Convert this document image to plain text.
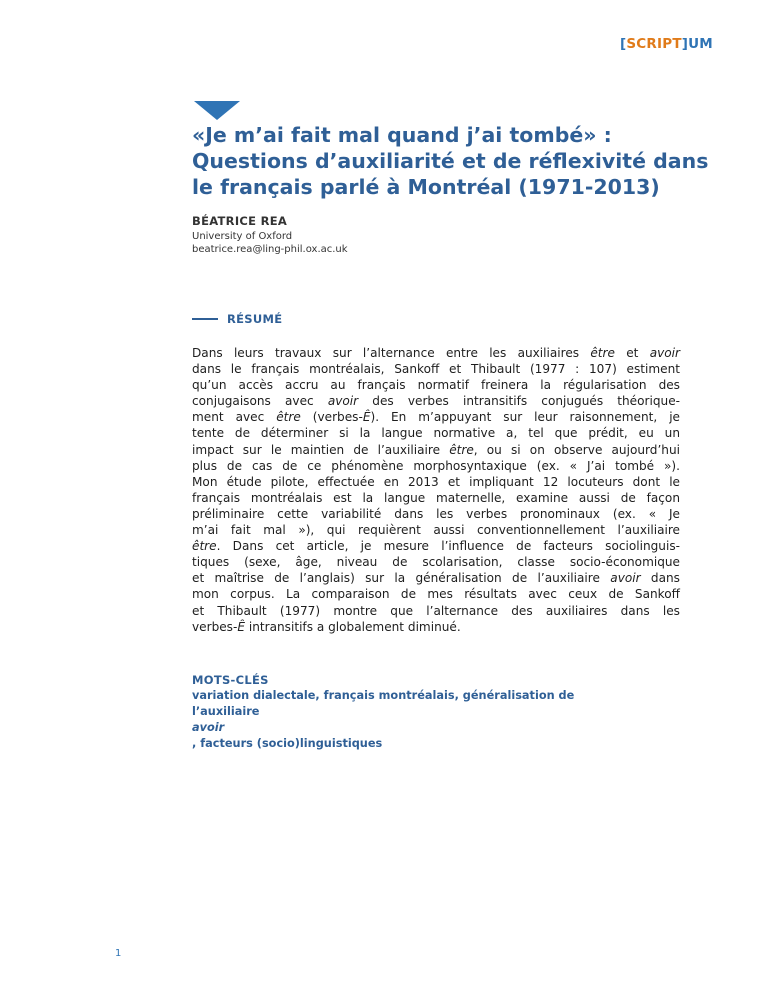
[SCRIPT]UM
«Je m’ai fait mal quand j’ai tombé» :
Questions d’auxiliarité et de réflexivité dans
le français parlé à Montréal (1971-2013)
BÉATRICE REA
University of Oxford
beatrice.rea@ling-phil.ox.ac.uk
RÉSUMÉ
Dans leurs travaux sur l’alternance entre les auxiliaires être et avoir
dans le français montréalais, Sankoff et Thibault (1977 : 107) estiment
qu’un accès accru au français normatif freinera la régularisation des
conjugaisons avec avoir des verbes intransitifs conjugués théorique-
ment avec être (verbes-Ê). En m’appuyant sur leur raisonnement, je
tente de déterminer si la langue normative a, tel que prédit, eu un
impact sur le maintien de l’auxiliaire être, ou si on observe aujourd’hui
plus de cas de ce phénomène morphosyntaxique (ex. « J’ai tombé »).
Mon étude pilote, effectuée en 2013 et impliquant 12 locuteurs dont le
français montréalais est la langue maternelle, examine aussi de façon
préliminaire cette variabilité dans les verbes pronominaux (ex. « Je
m’ai fait mal »), qui requièrent aussi conventionnellement l’auxiliaire
être. Dans cet article, je mesure l’influence de facteurs sociolinguis-
tiques (sexe, âge, niveau de scolarisation, classe socio-économique
et maîtrise de l’anglais) sur la généralisation de l’auxiliaire avoir dans
mon corpus. La comparaison de mes résultats avec ceux de Sankoff
et Thibault (1977) montre que l’alternance des auxiliaires dans les
verbes-Ê intransitifs a globalement diminué.
MOTS-CLÉS
variation dialectale, français montréalais, généralisation de
l’auxiliaire
avoir
, facteurs (socio)linguistiques
1
